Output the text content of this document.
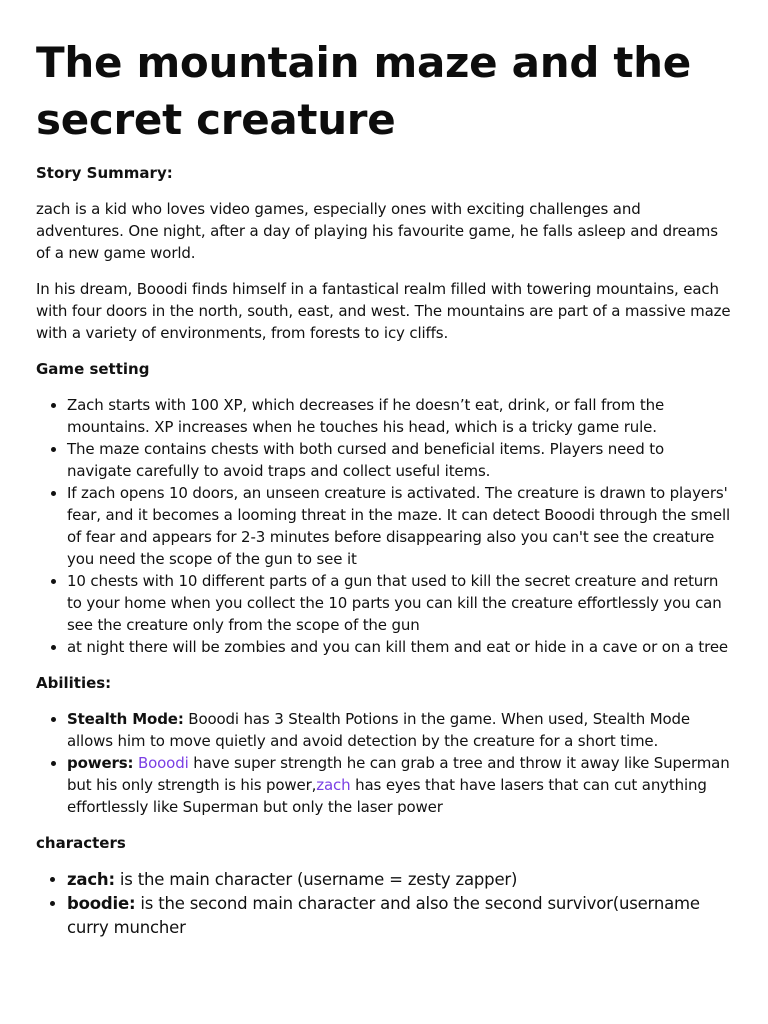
The mountain maze and the secret creature
Story Summary:

zach is a kid who loves video games, especially ones with exciting challenges and adventures. One night, after a day of playing his favourite game, he falls asleep and dreams of a new game world.

In his dream, Booodi finds himself in a fantastical realm filled with towering mountains, each with four doors in the north, south, east, and west. The mountains are part of a massive maze with a variety of environments, from forests to icy cliffs.

Game setting
• Zach starts with 100 XP, which decreases if he doesn’t eat, drink, or fall from the mountains. XP increases when he touches his head, which is a tricky game rule.
• The maze contains chests with both cursed and beneficial items. Players need to navigate carefully to avoid traps and collect useful items.
• If zach opens 10 doors, an unseen creature is activated. The creature is drawn to players' fear, and it becomes a looming threat in the maze. It can detect Booodi through the smell of fear and appears for 2-3 minutes before disappearing also you can't see the creature you need the scope of the gun to see it
• 10 chests with 10 different parts of a gun that used to kill the secret creature and return to your home when you collect the 10 parts you can kill the creature effortlessly you can see the creature only from the scope of the gun
• at night there will be zombies and you can kill them and eat or hide in a cave or on a tree
Abilities:
• Stealth Mode: Booodi has 3 Stealth Potions in the game. When used, Stealth Mode allows him to move quietly and avoid detection by the creature for a short time.
• powers: Booodi have super strength he can grab a tree and throw it away like Superman but his only strength is his power,zach has eyes that have lasers that can cut anything effortlessly like Superman but only the laser power
characters
• zach: is the main character (username = zesty zapper)
• boodie: is the second main character and also the second survivor(username curry muncher
